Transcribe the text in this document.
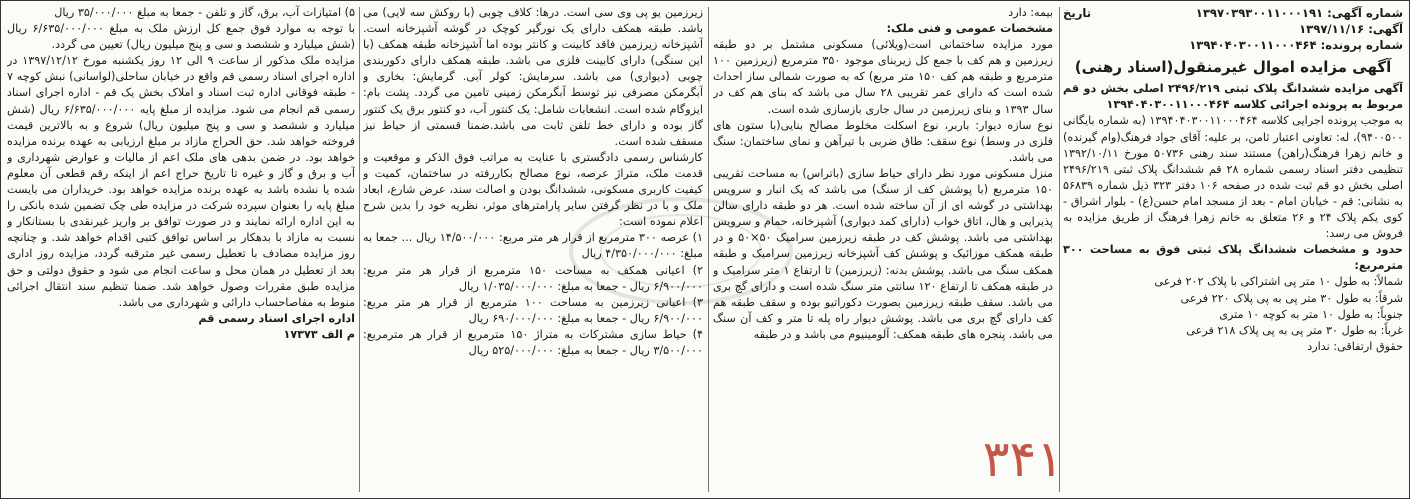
شماره آگهی: ۱۳۹۷۰۳۹۳۰۰۱۱۰۰۰۱۹۱
تاریخ
آگهی: ۱۳۹۷/۱۱/۱۶
شماره پرونده: ۱۳۹۴۰۴۰۳۰۰۱۱۰۰۰۴۶۴
آگهی مزایده اموال غیرمنقول(اسناد رهنی)

آگهی مزایده ششدانگ پلاک ثبتی ۲۴۹۶/۲۱۹ اصلی بخش دو قم مربوط به پرونده اجرائی کلاسه ۱۳۹۴۰۴۰۳۰۰۱۱۰۰۰۴۶۴

به موجب پرونده اجرایی کلاسه ۱۳۹۴۰۴۰۳۰۰۱۱۰۰۰۴۶۴ (به شماره بایگانی ۹۴۰۰۵۰۰)، له: تعاونی اعتبار ثامن، بر علیه: آقای جواد فرهنگ(وام گیرنده) و خانم زهرا فرهنگ(راهن) مستند سند رهنی ۵۰۷۳۶ مورخ ۱۳۹۲/۱۰/۱۱ تنظیمی دفتر اسناد رسمی شماره ۲۸ قم ششدانگ پلاک ثبتی ۲۴۹۶/۲۱۹ اصلی بخش دو قم ثبت شده در صفحه ۱۰۶ دفتر ۳۲۳ ذیل شماره ۵۶۸۳۹ به نشانی: قم - خیابان امام - بعد از مسجد امام حسن(ع) - بلوار اشراق - کوی یکم پلاک ۲۴ و ۲۶ متعلق به خانم زهرا فرهنگ از طریق مزایده به فروش می رسد:

حدود و مشخصات ششدانگ پلاک ثبتی فوق به مساحت ۳۰۰ مترمربع:

شمالاً: به طول ۱۰ متر پی اشتراکی با پلاک ۲۰۲ فرعی

شرقاً: به طول ۳۰ متر پی به پی پلاک ۲۲۰ فرعی

جنوباً: به طول ۱۰ متر به کوچه ۱۰ متری

غرباً: به طول ۳۰ متر پی به پی پلاک ۲۱۸ فرعی

حقوق ارتفاقی: ندارد

بیمه: دارد

مشخصات عمومی و فنی ملک:

مورد مزایده ساختمانی است(ویلائی) مسکونی مشتمل بر دو طبقه زیرزمین و هم کف با جمع کل زیربنای موجود ۳۵۰ مترمربع (زیرزمین ۱۰۰ مترمربع و طبقه هم کف ۱۵۰ متر مربع) که به صورت شمالی ساز احداث شده است که دارای عمر تقریبی ۲۸ سال می باشد که بنای هم کف در سال ۱۳۹۳ و بنای زیرزمین در سال جاری بازسازی شده است.

نوع سازه دیوار: باربر، نوع اسکلت مخلوط مصالح بنایی(با ستون های فلزی در وسط) نوع سقف: طاق ضربی با تیرآهن و نمای ساختمان: سنگ می باشد.

منزل مسکونی مورد نظر دارای حیاط سازی (باتراس) به مساحت تقریبی ۱۵۰ مترمربع (با پوشش کف از سنگ) می باشد که یک انبار و سرویس بهداشتی در گوشه ای از آن ساخته شده است. هر دو طبقه دارای سالن پذیرایی و هال، اتاق خواب (دارای کمد دیواری) آشپزخانه، حمام و سرویس بهداشتی می باشد. پوشش کف در طبقه زیرزمین سرامیک ۵۰×۵۰ و در طبقه همکف موزائیک و پوشش کف آشپزخانه زیرزمین سرامیک و طبقه همکف سنگ می باشد. پوشش بدنه: (زیرزمین) تا ارتفاع ۱ متر سرامیک و در طبقه همکف تا ارتفاع ۱۲۰ سانتی متر سنگ شده است و دارای گچ بری می باشد. سقف طبقه زیرزمین بصورت دکوراتیو بوده و سقف طبقه هم کف دارای گچ بری می باشد. پوشش دیوار راه پله تا متر و کف آن سنگ می باشد. پنجره های طبقه همکف: آلومینیوم می باشد و در طبقه

زیرزمین یو پی وی سی است. درها: کلاف چوبی (با روکش سه لایی) می باشد. طبقه همکف دارای یک نورگیر کوچک در گوشه آشپزخانه است. آشپزخانه زیرزمین فاقد کابینت و کانتر بوده اما آشپزخانه طبقه همکف (با این سنگی) دارای کابینت فلزی می باشد. طبقه همکف دارای دکوربندی چوبی (دیواری) می باشد. سرمایش: کولر آبی. گرمایش: بخاری و آبگرمکن مصرفی نیز توسط آبگرمکن زمینی تامین می گردد. پشت بام: ایزوگام شده است. انشعابات شامل: یک کنتور آب، دو کنتور برق یک کنتور گاز بوده و دارای خط تلفن ثابت می باشد.ضمنا قسمتی از حیاط نیز مسقف شده است.

کارشناس رسمی دادگستری با عنایت به مراتب فوق الذکر و موقعیت و قدمت ملک، متراژ عرصه، نوع مصالح بکاررفته در ساختمان، کمیت و کیفیت کاربری مسکونی، ششدانگ بودن و اصالت سند، عرض شارع، ابعاد ملک و با در نظر گرفتن سایر پارامترهای موثر، نظریه خود را بدین شرح اعلام نموده است:

۱) عرصه ۳۰۰ مترمربع از قرار هر متر مربع: ۱۴/۵۰۰/۰۰۰ ریال ... جمعا به مبلغ: ۴/۳۵۰/۰۰۰/۰۰۰ ریال

۲) اعیانی همکف به مساحت ۱۵۰ مترمربع از قرار هر متر مربع: ۶/۹۰۰/۰۰۰ ریال - جمعا به مبلغ: ۱/۰۳۵/۰۰۰/۰۰۰ ریال

۳) اعیانی زیرزمین به مساحت ۱۰۰ مترمربع از قرار هر متر مربع: ۶/۹۰۰/۰۰۰ ریال - جمعا به مبلغ: ۶۹۰/۰۰۰/۰۰۰ ریال

۴) حیاط سازی مشترکات به متراژ ۱۵۰ مترمربع از قرار هر مترمربع: ۳/۵۰۰/۰۰۰ ریال - جمعا به مبلغ: ۵۲۵/۰۰۰/۰۰۰ ریال

۵) امتیازات آب، برق، گاز و تلفن - جمعا به مبلغ ۳۵/۰۰۰/۰۰۰ ریال

با توجه به موارد فوق جمع کل ارزش ملک به مبلغ ۶/۶۳۵/۰۰۰/۰۰۰ ریال (شش میلیارد و ششصد و سی و پنج میلیون ریال) تعیین می گردد.

مزایده ملک مذکور از ساعت ۹ الی ۱۲ روز یکشنبه مورخ ۱۳۹۷/۱۲/۱۲ در اداره اجرای اسناد رسمی قم واقع در خیابان ساحلی(لواسانی) نبش کوچه ۷ - طبقه فوقانی اداره ثبت اسناد و املاک بخش یک قم - اداره اجرای اسناد رسمی قم انجام می شود. مزایده از مبلغ پایه ۶/۶۳۵/۰۰۰/۰۰۰ ریال (شش میلیارد و ششصد و سی و پنج میلیون ریال) شروع و به بالاترین قیمت فروخته خواهد شد. حق الحراج مازاد بر مبلغ ارزیابی به عهده برنده مزایده خواهد بود. در ضمن بدهی های ملک اعم از مالیات و عوارض شهرداری و آب و برق و گاز و غیره تا تاریخ حراج اعم از اینکه رقم قطعی آن معلوم شده یا نشده باشد به عهده برنده مزایده خواهد بود. خریداران می بایست مبلغ پایه را بعنوان سپرده شرکت در مزایده طی چک تضمین شده بانکی را به این اداره ارائه نمایند و در صورت توافق بر واریز غیرنقدی با بستانکار و نسبت به مازاد با بدهکار بر اساس توافق کتبی اقدام خواهد شد. و چنانچه روز مزایده مصادف با تعطیل رسمی غیر مترقبه گردد، مزایده روز اداری بعد از تعطیل در همان محل و ساعت انجام می شود و حقوق دولتی و حق مزایده طبق مقررات وصول خواهد شد. ضمنا تنظیم سند انتقال اجرائی منوط به مفاصاحساب دارائی و شهرداری می باشد.

اداره اجرای اسناد رسمی قم

م الف ۱۷۳۷۳

۳۴۱
